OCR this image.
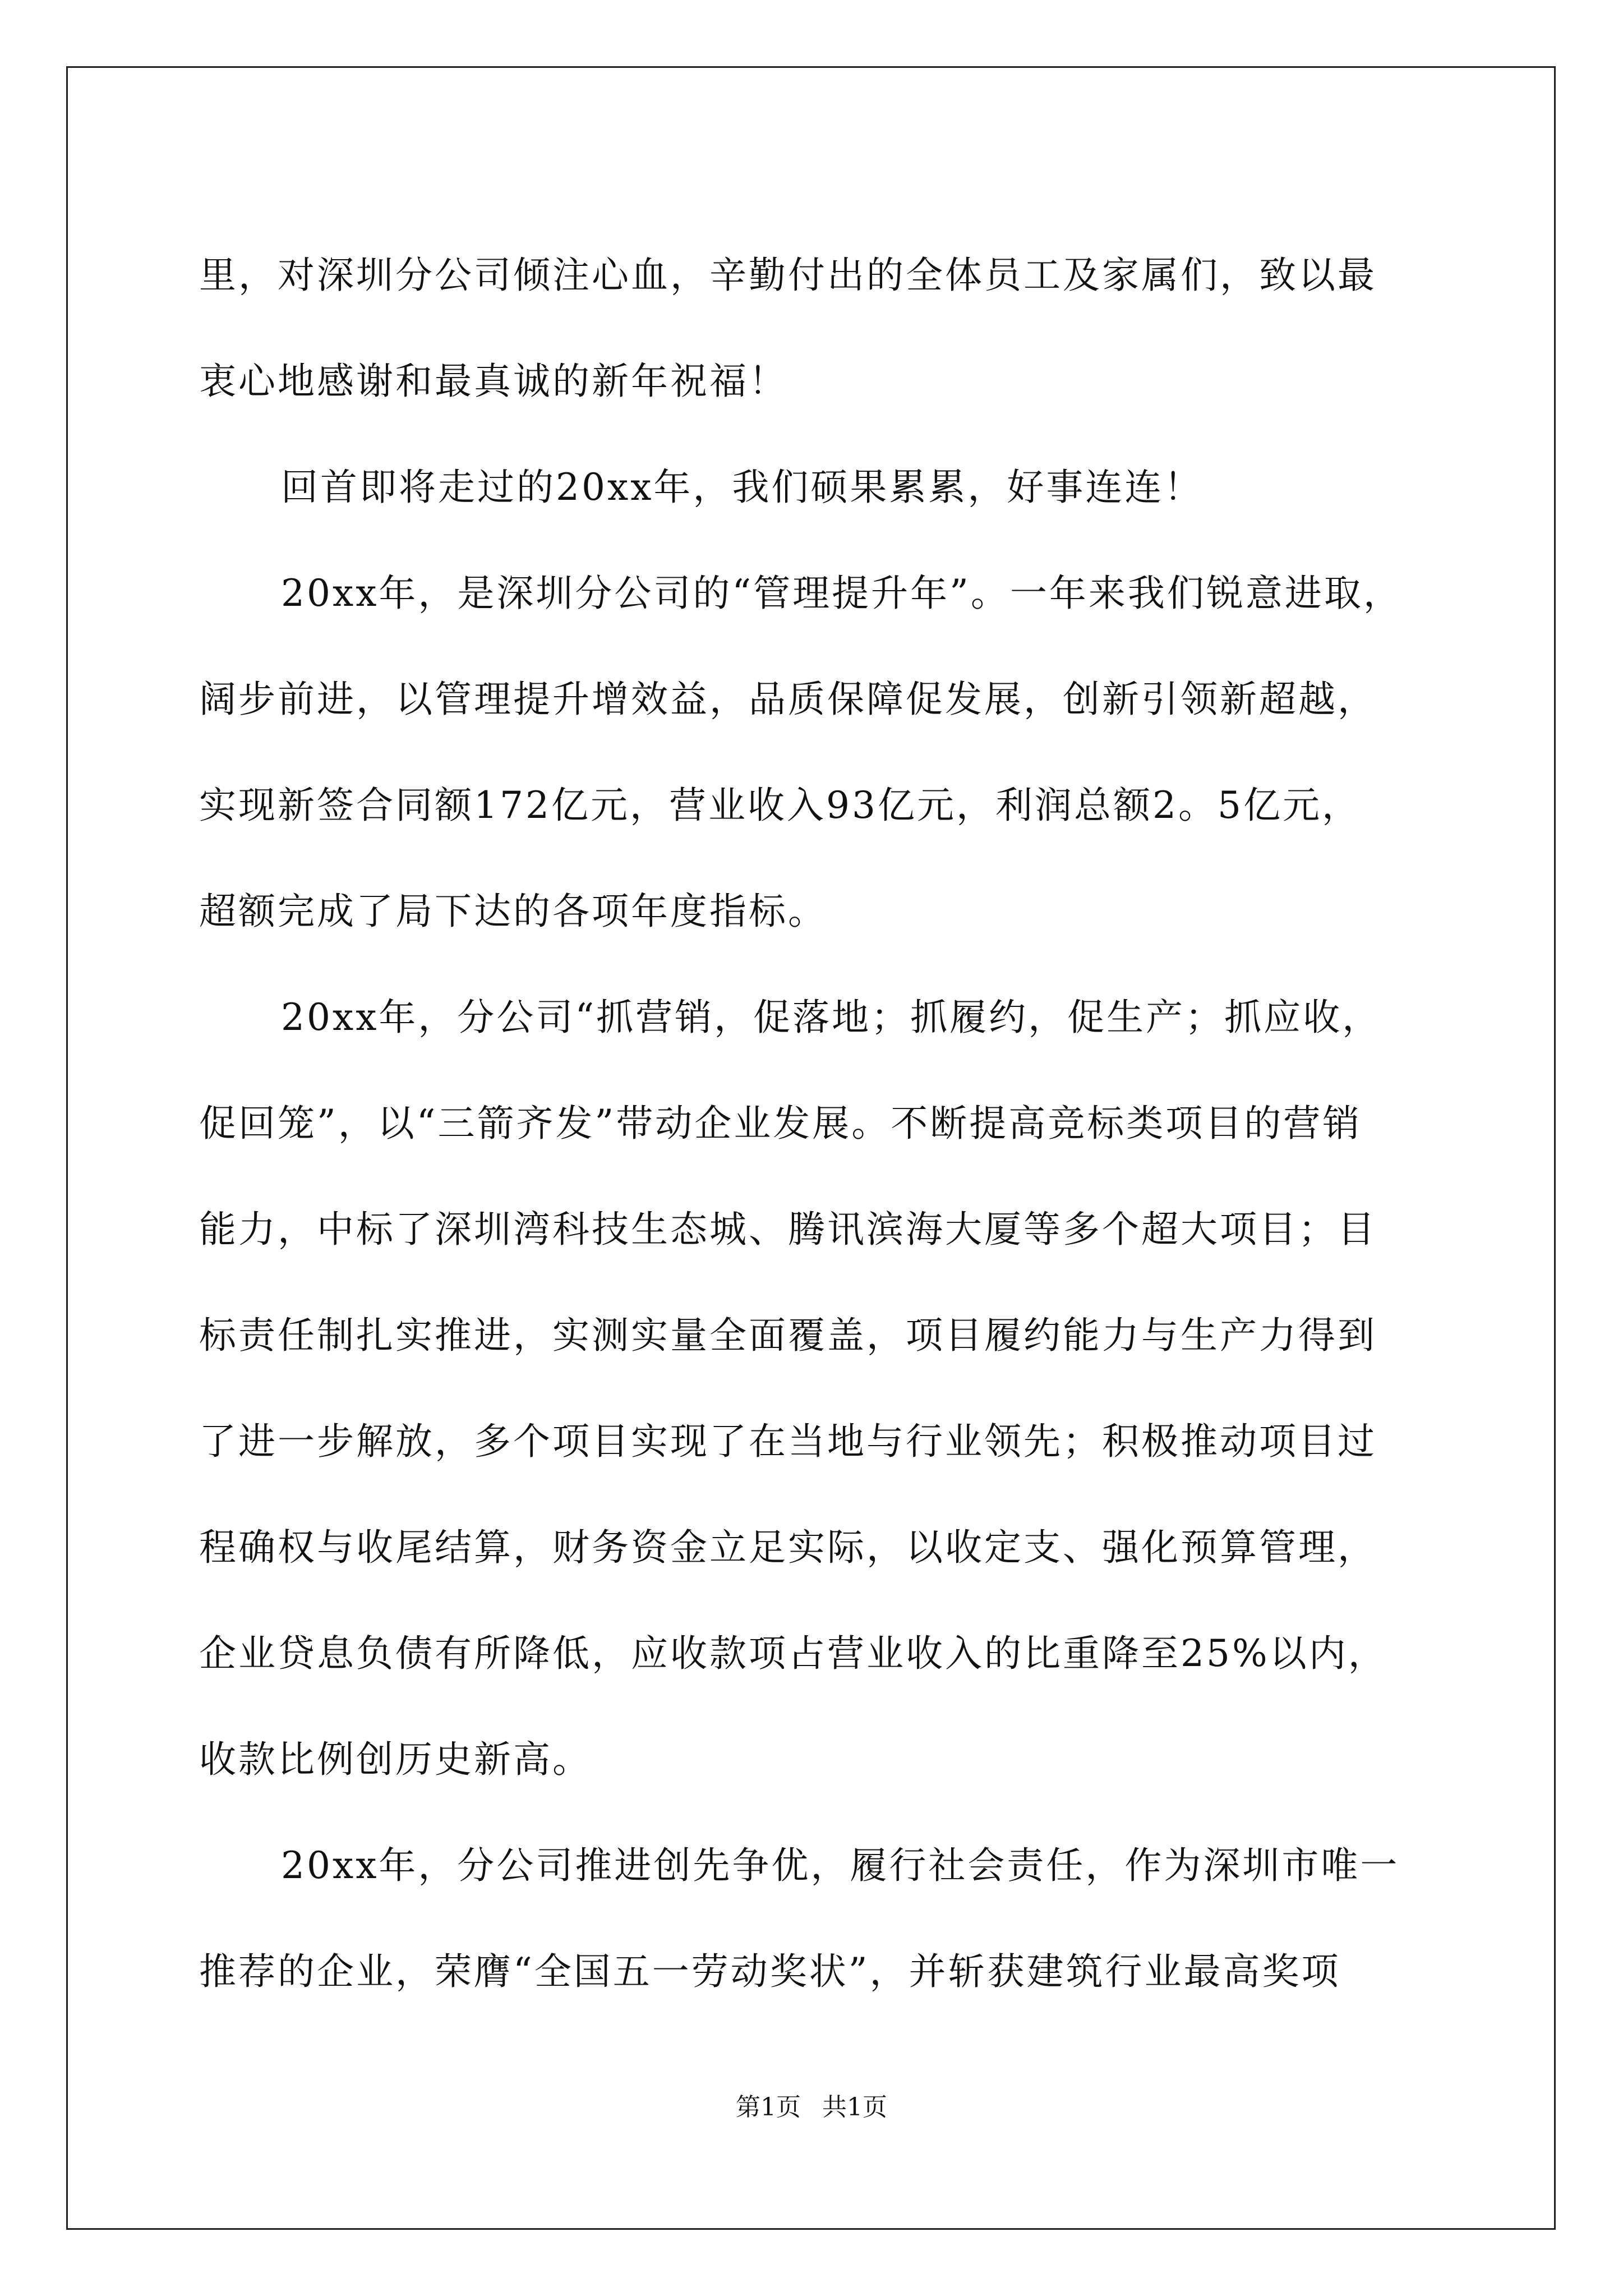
里，对深圳分公司倾注心血，辛勤付出的全体员工及家属们，致以最
衷心地感谢和最真诚的新年祝福！
回首即将走过的20xx年，我们硕果累累，好事连连！
20xx年，是深圳分公司的“管理提升年”。一年来我们锐意进取，
阔步前进，以管理提升增效益，品质保障促发展，创新引领新超越，
实现新签合同额172亿元，营业收入93亿元，利润总额2。5亿元，
超额完成了局下达的各项年度指标。
20xx年，分公司“抓营销，促落地；抓履约，促生产；抓应收，
促回笼”，以“三箭齐发”带动企业发展。不断提高竞标类项目的营销
能力，中标了深圳湾科技生态城、腾讯滨海大厦等多个超大项目；目
标责任制扎实推进，实测实量全面覆盖，项目履约能力与生产力得到
了进一步解放，多个项目实现了在当地与行业领先；积极推动项目过
程确权与收尾结算，财务资金立足实际，以收定支、强化预算管理，
企业贷息负债有所降低，应收款项占营业收入的比重降至25%以内，
收款比例创历史新高。
20xx年，分公司推进创先争优，履行社会责任，作为深圳市唯一
推荐的企业，荣膺“全国五一劳动奖状”，并斩获建筑行业最高奖项
第1页 共1页
